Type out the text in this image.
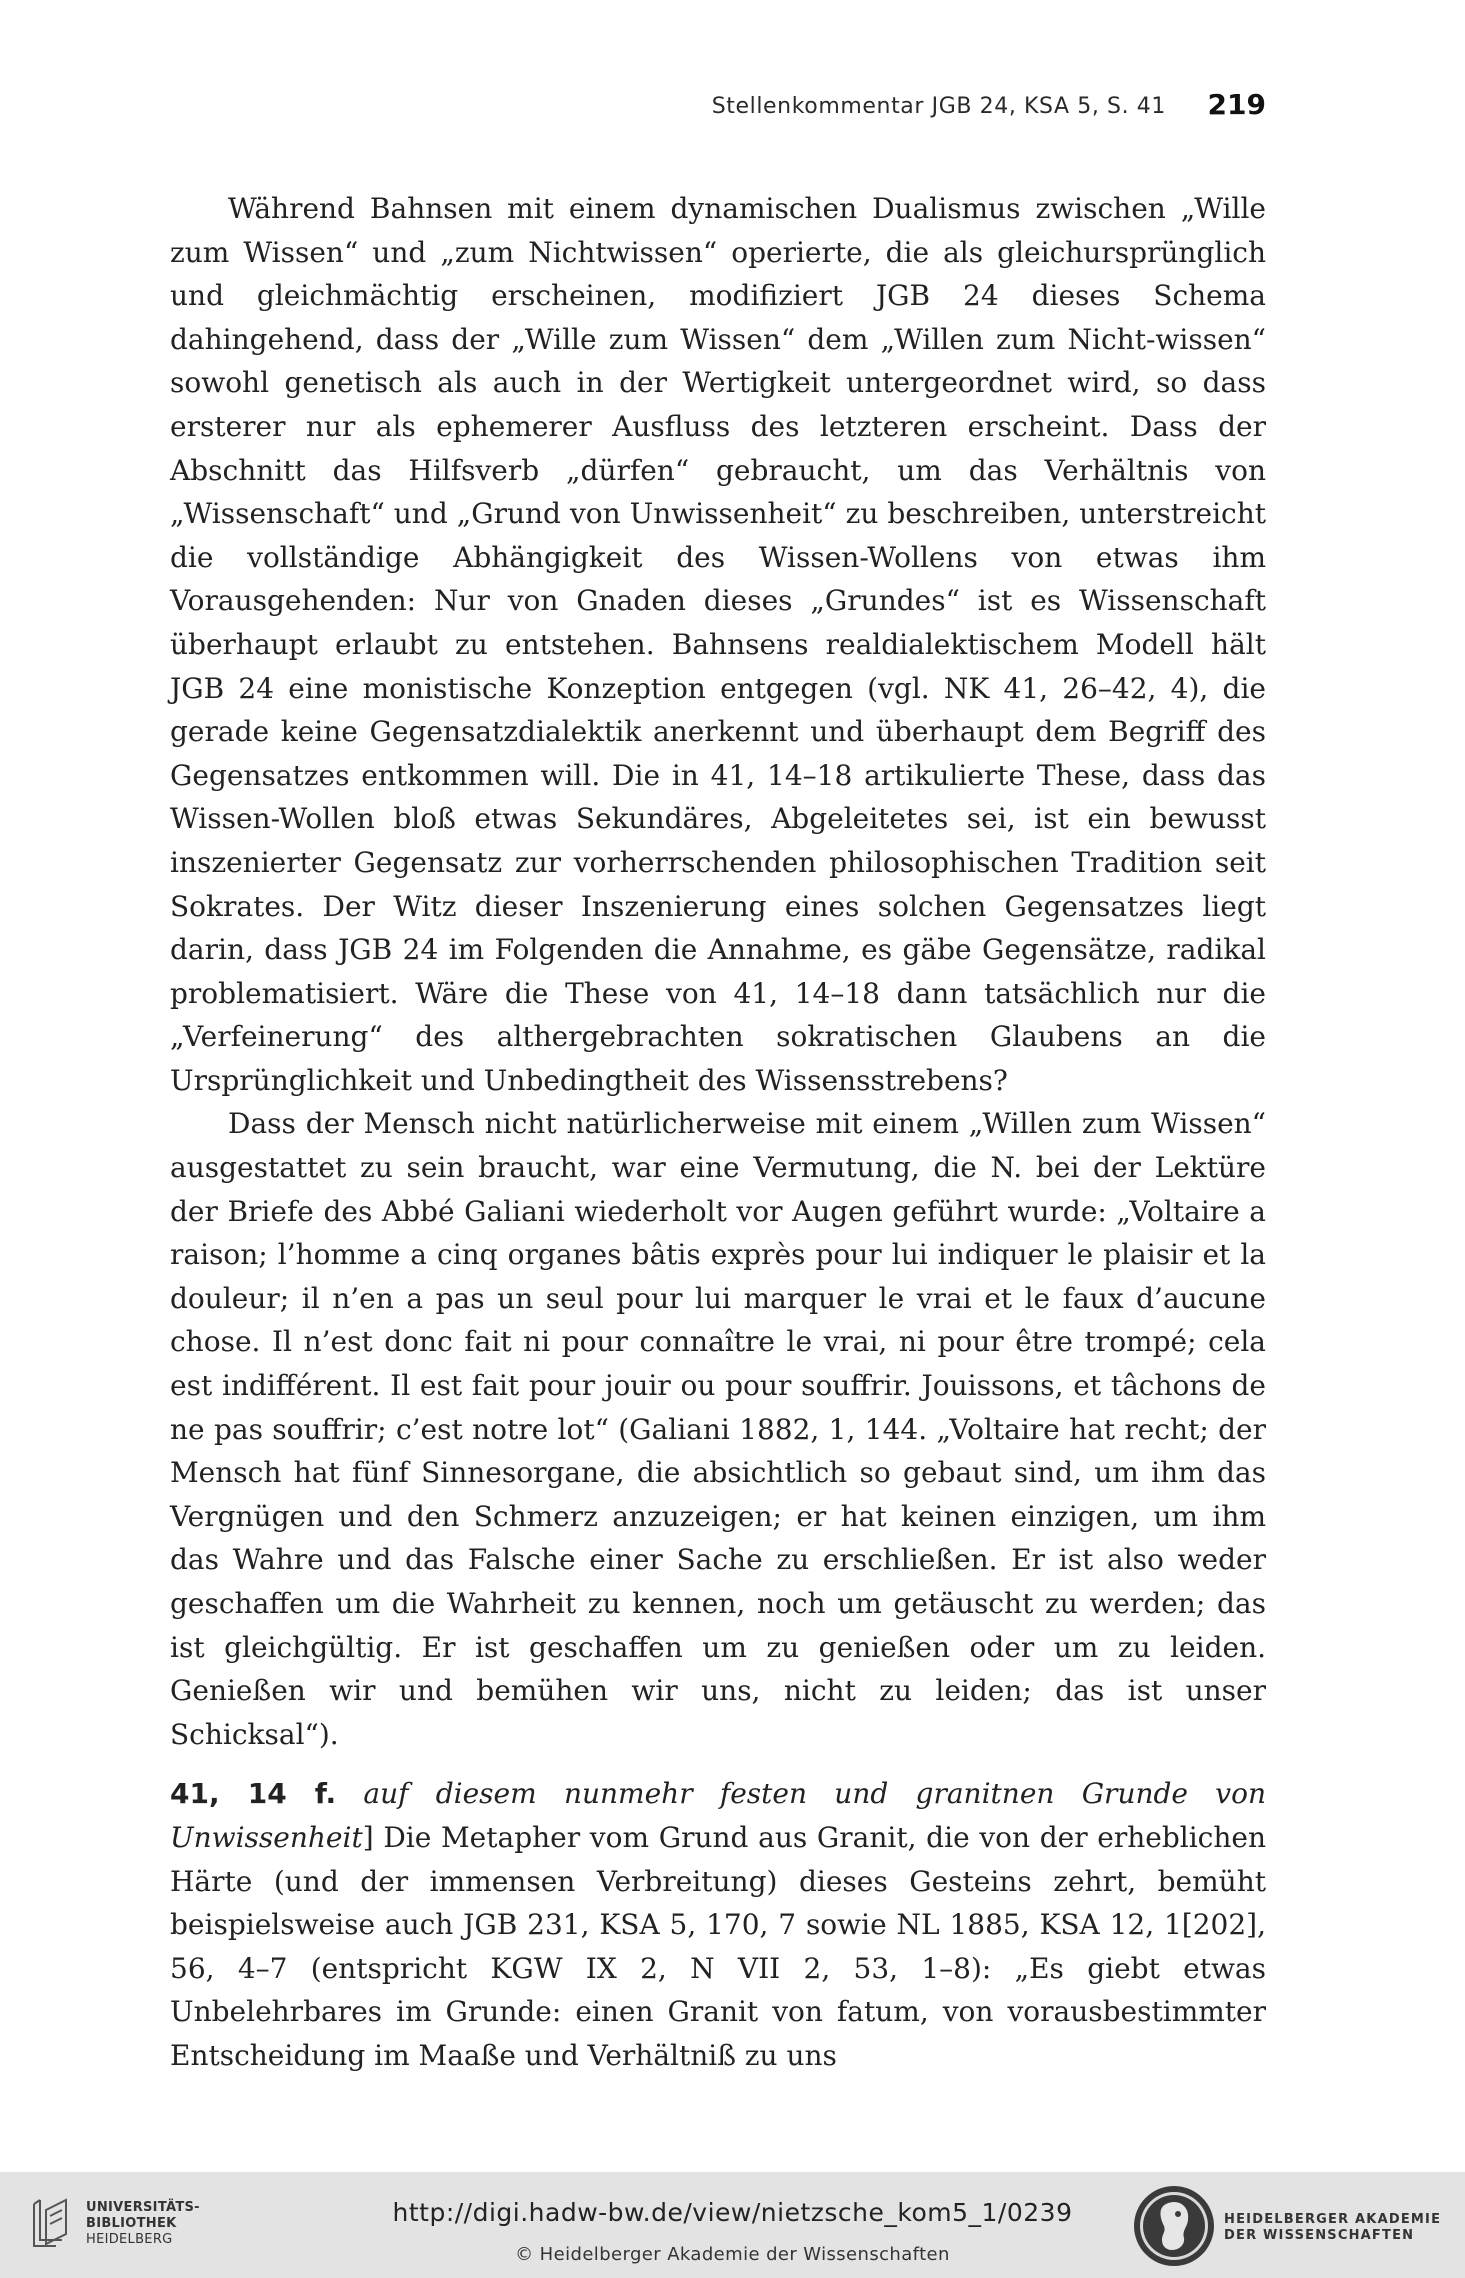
Stellenkommentar JGB 24, KSA 5, S. 41 219

Während Bahnsen mit einem dynamischen Dualismus zwischen „Wille zum Wissen“ und „zum Nichtwissen“ operierte, die als gleichursprünglich und gleichmächtig erscheinen, modifiziert JGB 24 dieses Schema dahingehend, dass der „Wille zum Wissen“ dem „Willen zum Nicht-wissen“ sowohl genetisch als auch in der Wertigkeit untergeordnet wird, so dass ersterer nur als ephemerer Ausfluss des letzteren erscheint. Dass der Abschnitt das Hilfsverb „dürfen“ gebraucht, um das Verhältnis von „Wissenschaft“ und „Grund von Unwissenheit“ zu beschreiben, unterstreicht die vollständige Abhängigkeit des Wissen-Wollens von etwas ihm Vorausgehenden: Nur von Gnaden dieses „Grundes“ ist es Wissenschaft überhaupt erlaubt zu entstehen. Bahnsens realdialektischem Modell hält JGB 24 eine monistische Konzeption entgegen (vgl. NK 41, 26–42, 4), die gerade keine Gegensatzdialektik anerkennt und überhaupt dem Begriff des Gegensatzes entkommen will. Die in 41, 14–18 artikulierte These, dass das Wissen-Wollen bloß etwas Sekundäres, Abgeleitetes sei, ist ein bewusst inszenierter Gegensatz zur vorherrschenden philosophischen Tradition seit Sokrates. Der Witz dieser Inszenierung eines solchen Gegensatzes liegt darin, dass JGB 24 im Folgenden die Annahme, es gäbe Gegensätze, radikal problematisiert. Wäre die These von 41, 14–18 dann tatsächlich nur die „Verfeinerung“ des althergebrachten sokratischen Glaubens an die Ursprünglichkeit und Unbedingtheit des Wissensstrebens?

Dass der Mensch nicht natürlicherweise mit einem „Willen zum Wissen“ ausgestattet zu sein braucht, war eine Vermutung, die N. bei der Lektüre der Briefe des Abbé Galiani wiederholt vor Augen geführt wurde: „Voltaire a raison; l’homme a cinq organes bâtis exprès pour lui indiquer le plaisir et la douleur; il n’en a pas un seul pour lui marquer le vrai et le faux d’aucune chose. Il n’est donc fait ni pour connaître le vrai, ni pour être trompé; cela est indifférent. Il est fait pour jouir ou pour souffrir. Jouissons, et tâchons de ne pas souffrir; c’est notre lot“ (Galiani 1882, 1, 144. „Voltaire hat recht; der Mensch hat fünf Sinnesorgane, die absichtlich so gebaut sind, um ihm das Vergnügen und den Schmerz anzuzeigen; er hat keinen einzigen, um ihm das Wahre und das Falsche einer Sache zu erschließen. Er ist also weder geschaffen um die Wahrheit zu kennen, noch um getäuscht zu werden; das ist gleichgültig. Er ist geschaffen um zu genießen oder um zu leiden. Genießen wir und bemühen wir uns, nicht zu leiden; das ist unser Schicksal“).

41, 14 f. auf diesem nunmehr festen und granitnen Grunde von Unwissenheit] Die Metapher vom Grund aus Granit, die von der erheblichen Härte (und der immensen Verbreitung) dieses Gesteins zehrt, bemüht beispielsweise auch JGB 231, KSA 5, 170, 7 sowie NL 1885, KSA 12, 1[202], 56, 4–7 (entspricht KGW IX 2, N VII 2, 53, 1–8): „Es giebt etwas Unbelehrbares im Grunde: einen Granit von fatum, von vorausbestimmter Entscheidung im Maaße und Verhältniß zu uns

UNIVERSITÄTS-
BIBLIOTHEK
HEIDELBERG
http://digi.hadw-bw.de/view/nietzsche_kom5_1/0239
© Heidelberger Akademie der Wissenschaften
HEIDELBERGER AKADEMIE
DER WISSENSCHAFTEN
